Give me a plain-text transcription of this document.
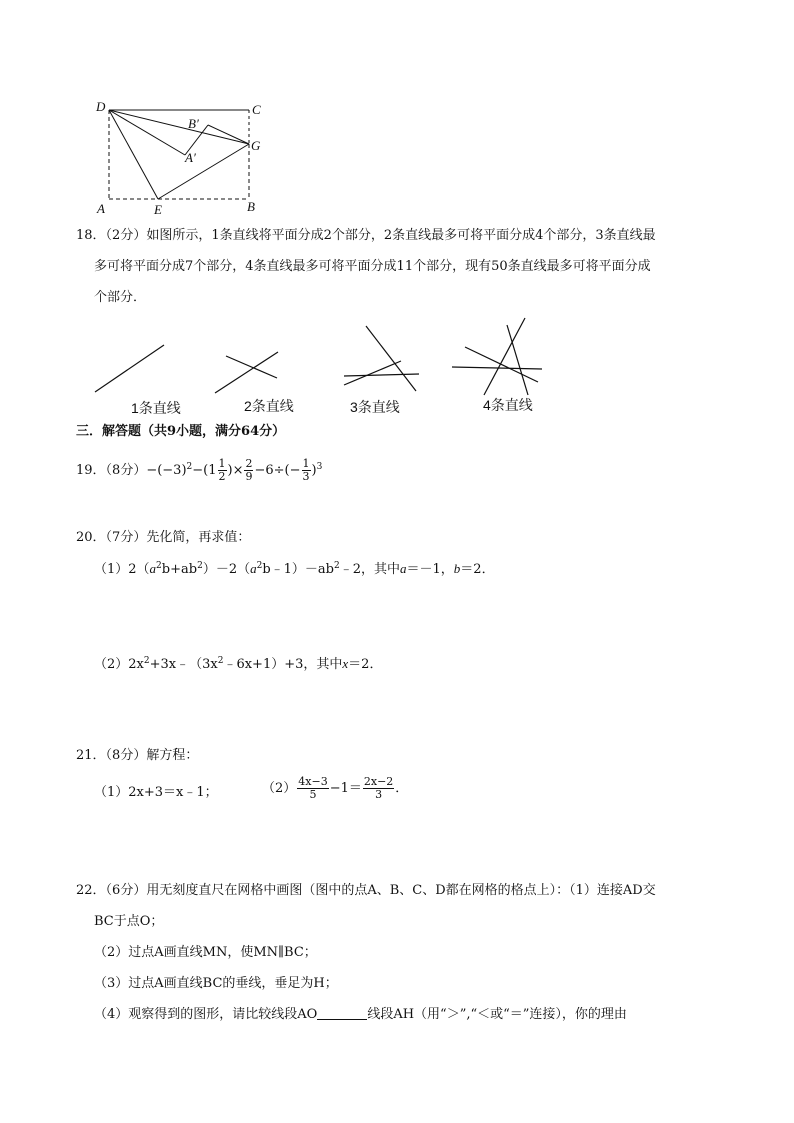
D	C
B′
G
A′
A	E	B
18．（2分）如图所示，1条直线将平面分成2个部分，2条直线最多可将平面分成4个部分，3条直线最
多可将平面分成7个部分，4条直线最多可将平面分成11个部分，现有50条直线最多可将平面分成
个部分．
1条直线	2条直线	3条直线	4条直线
三．解答题（共9小题，满分64分）
19．（8分）$-(-3)^2-(1 \frac{1}{2}$ )× $\frac{2}{9} -6\div(- \frac{1}{3} )^3$
20．（7分）先化简，再求值：
$(1)2(a^2b+ab^2)-2(a^2b﹣1)-ab^2﹣2$，其中a＝－1，b＝2．
$(2)2x^2+3x﹣(3x^2﹣6x+1)+3$，其中x＝2．
21．（8分）解方程：
（1）2x+3＝x﹣1；	$(2) \frac{4x-3}{5} -1= \frac{2x-2}{3}$ ．
22．（6分）用无刻度直尺在网格中画图（图中的点A、B、C、D都在网格的格点上）：（1）连接AD交
BC于点O；
（2）过点A画直线MN，使MN∥BC；
（3）过点A画直线BC的垂线，垂足为H；
（4）观察得到的图形，请比较线段AO	线段AH（用“＞”,“＜或“＝”连接），你的理由
